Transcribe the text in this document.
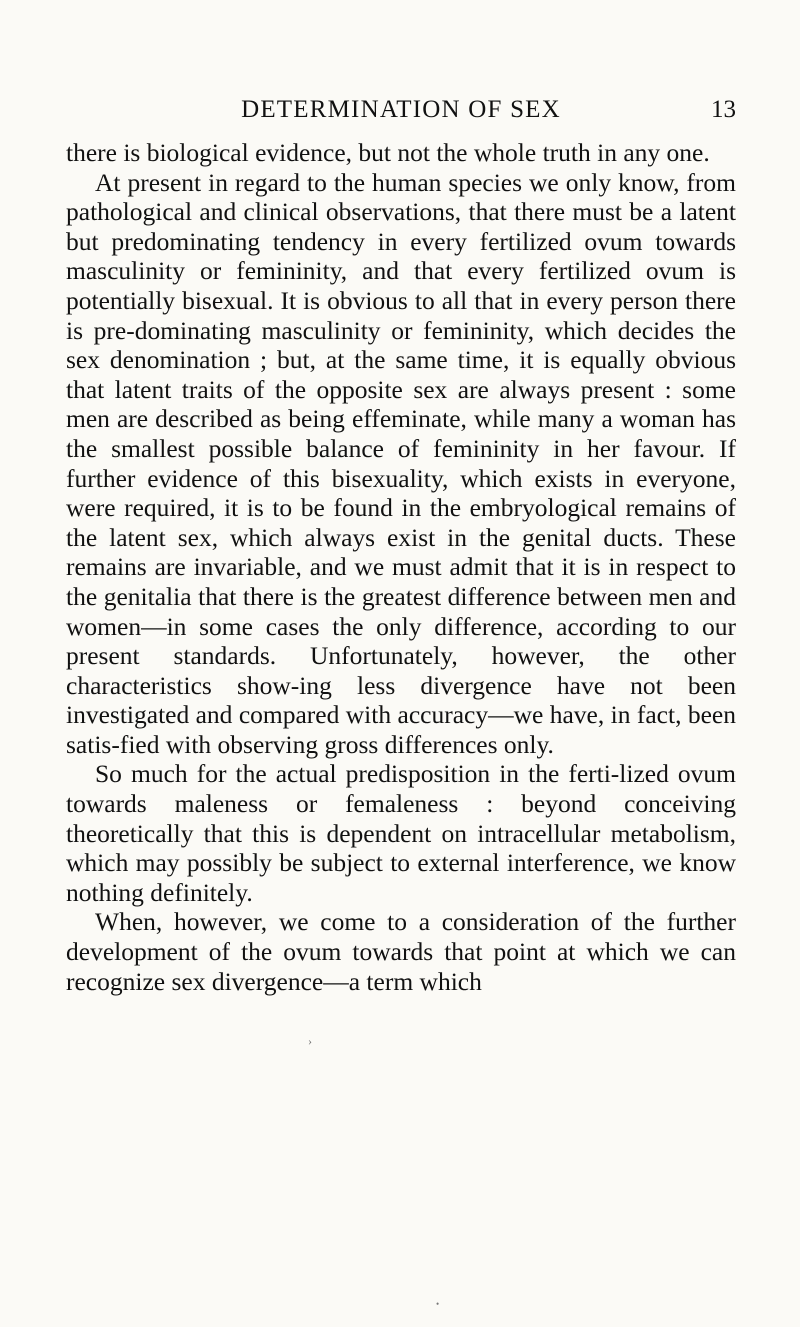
DETERMINATION OF SEX	13

there is biological evidence, but not the whole truth in any one.

At present in regard to the human species we only know, from pathological and clinical observations, that there must be a latent but predominating tendency in every fertilized ovum towards masculinity or femininity, and that every fertilized ovum is potentially bisexual. It is obvious to all that in every person there is pre-dominating masculinity or femininity, which decides the sex denomination ; but, at the same time, it is equally obvious that latent traits of the opposite sex are always present : some men are described as being effeminate, while many a woman has the smallest possible balance of femininity in her favour. If further evidence of this bisexuality, which exists in everyone, were required, it is to be found in the embryological remains of the latent sex, which always exist in the genital ducts. These remains are invariable, and we must admit that it is in respect to the genitalia that there is the greatest difference between men and women—in some cases the only difference, according to our present standards. Unfortunately, however, the other characteristics show-ing less divergence have not been investigated and compared with accuracy—we have, in fact, been satis-fied with observing gross differences only.

So much for the actual predisposition in the ferti-lized ovum towards maleness or femaleness : beyond conceiving theoretically that this is dependent on intracellular metabolism, which may possibly be subject to external interference, we know nothing definitely.

When, however, we come to a consideration of the further development of the ovum towards that point at which we can recognize sex divergence—a term which

›
•
